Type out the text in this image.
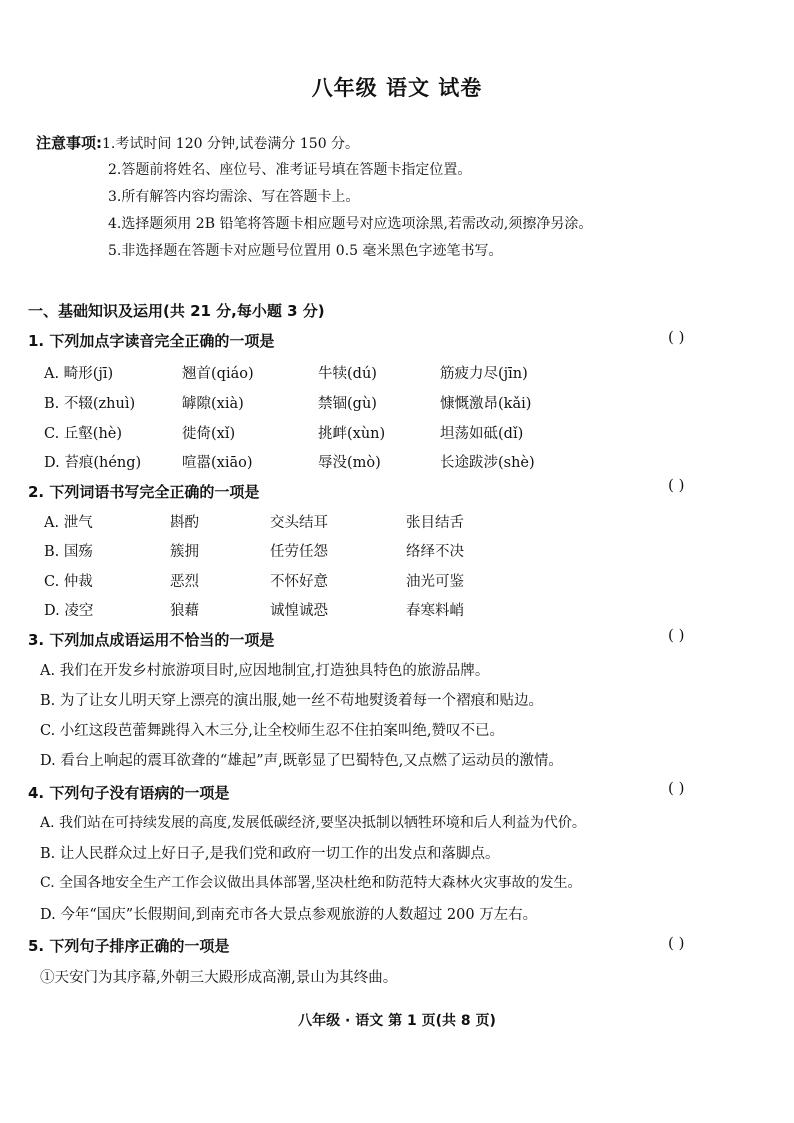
八年级 语文 试卷
注意事项:1.考试时间 120 分钟,试卷满分 150 分。
2.答题前将姓名、座位号、准考证号填在答题卡指定位置。
3.所有解答内容均需涂、写在答题卡上。
4.选择题须用 2B 铅笔将答题卡相应题号对应选项涂黑,若需改动,须擦净另涂。
5.非选择题在答题卡对应题号位置用 0.5 毫米黑色字迹笔书写。
一、基础知识及运用(共 21 分,每小题 3 分)
1. 下列加点字读音完全正确的一项是	( )
A. 畸形(jī)	翘首(qiáo)	牛犊(dú)	筋疲力尽(jīn)
B. 不辍(zhuì)	罅隙(xià)	禁锢(gù)	慷慨激昂(kǎi)
C. 丘壑(hè)	徙倚(xǐ)	挑衅(xùn)	坦荡如砥(dǐ)
D. 苔痕(héng)	喧嚣(xiāo)	辱没(mò)	长途跋涉(shè)
2. 下列词语书写完全正确的一项是	( )
A. 泄气	斟酌	交头结耳	张目结舌
B. 国殇	簇拥	任劳任怨	络绎不决
C. 仲裁	恶烈	不怀好意	油光可鉴
D. 凌空	狼藉	诚惶诚恐	春寒料峭
3. 下列加点成语运用不恰当的一项是	( )
A. 我们在开发乡村旅游项目时,应因地制宜,打造独具特色的旅游品牌。
B. 为了让女儿明天穿上漂亮的演出服,她一丝不苟地熨烫着每一个褶痕和贴边。
C. 小红这段芭蕾舞跳得入木三分,让全校师生忍不住拍案叫绝,赞叹不已。
D. 看台上响起的震耳欲聋的“雄起”声,既彰显了巴蜀特色,又点燃了运动员的激情。
4. 下列句子没有语病的一项是	( )
A. 我们站在可持续发展的高度,发展低碳经济,要坚决抵制以牺牲环境和后人利益为代价。
B. 让人民群众过上好日子,是我们党和政府一切工作的出发点和落脚点。
C. 全国各地安全生产工作会议做出具体部署,坚决杜绝和防范特大森林火灾事故的发生。
D. 今年“国庆”长假期间,到南充市各大景点参观旅游的人数超过 200 万左右。
5. 下列句子排序正确的一项是	( )
①天安门为其序幕,外朝三大殿形成高潮,景山为其终曲。
八年级 · 语文 第 1 页(共 8 页)
